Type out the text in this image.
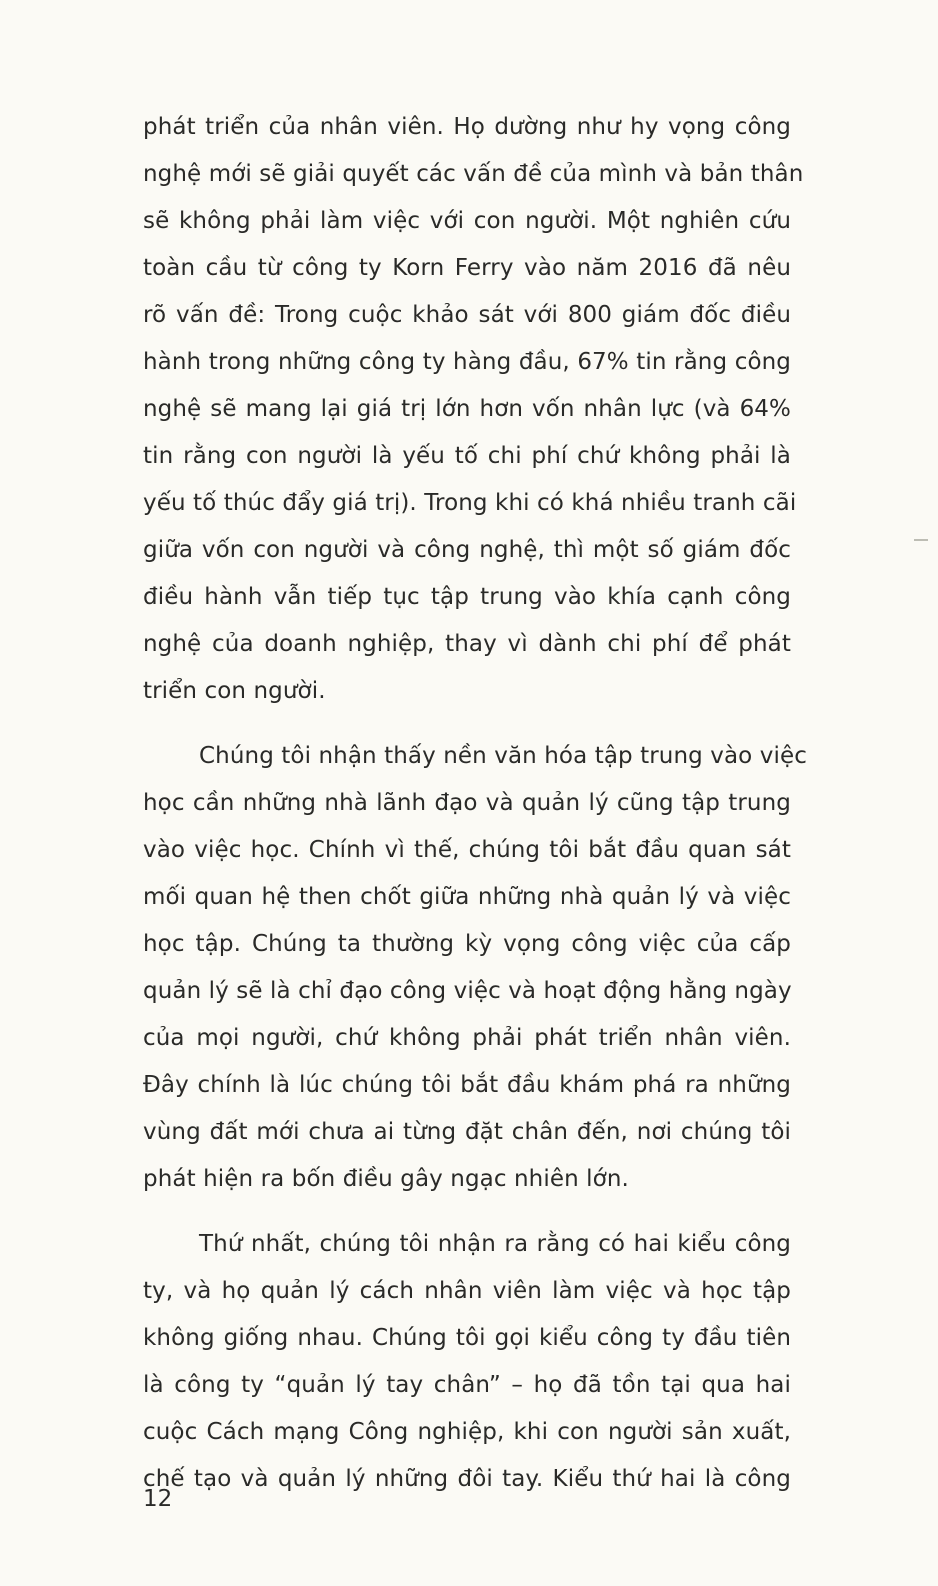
phát triển của nhân viên. Họ dường như hy vọng công
nghệ mới sẽ giải quyết các vấn đề của mình và bản thân
sẽ không phải làm việc với con người. Một nghiên cứu
toàn cầu từ công ty Korn Ferry vào năm 2016 đã nêu
rõ vấn đề: Trong cuộc khảo sát với 800 giám đốc điều
hành trong những công ty hàng đầu, 67% tin rằng công
nghệ sẽ mang lại giá trị lớn hơn vốn nhân lực (và 64%
tin rằng con người là yếu tố chi phí chứ không phải là
yếu tố thúc đẩy giá trị). Trong khi có khá nhiều tranh cãi
giữa vốn con người và công nghệ, thì một số giám đốc
điều hành vẫn tiếp tục tập trung vào khía cạnh công
nghệ của doanh nghiệp, thay vì dành chi phí để phát
triển con người.
Chúng tôi nhận thấy nền văn hóa tập trung vào việc
học cần những nhà lãnh đạo và quản lý cũng tập trung
vào việc học. Chính vì thế, chúng tôi bắt đầu quan sát
mối quan hệ then chốt giữa những nhà quản lý và việc
học tập. Chúng ta thường kỳ vọng công việc của cấp
quản lý sẽ là chỉ đạo công việc và hoạt động hằng ngày
của mọi người, chứ không phải phát triển nhân viên.
Đây chính là lúc chúng tôi bắt đầu khám phá ra những
vùng đất mới chưa ai từng đặt chân đến, nơi chúng tôi
phát hiện ra bốn điều gây ngạc nhiên lớn.
Thứ nhất, chúng tôi nhận ra rằng có hai kiểu công
ty, và họ quản lý cách nhân viên làm việc và học tập
không giống nhau. Chúng tôi gọi kiểu công ty đầu tiên
là công ty “quản lý tay chân” – họ đã tồn tại qua hai
cuộc Cách mạng Công nghiệp, khi con người sản xuất,
chế tạo và quản lý những đôi tay. Kiểu thứ hai là công
12
